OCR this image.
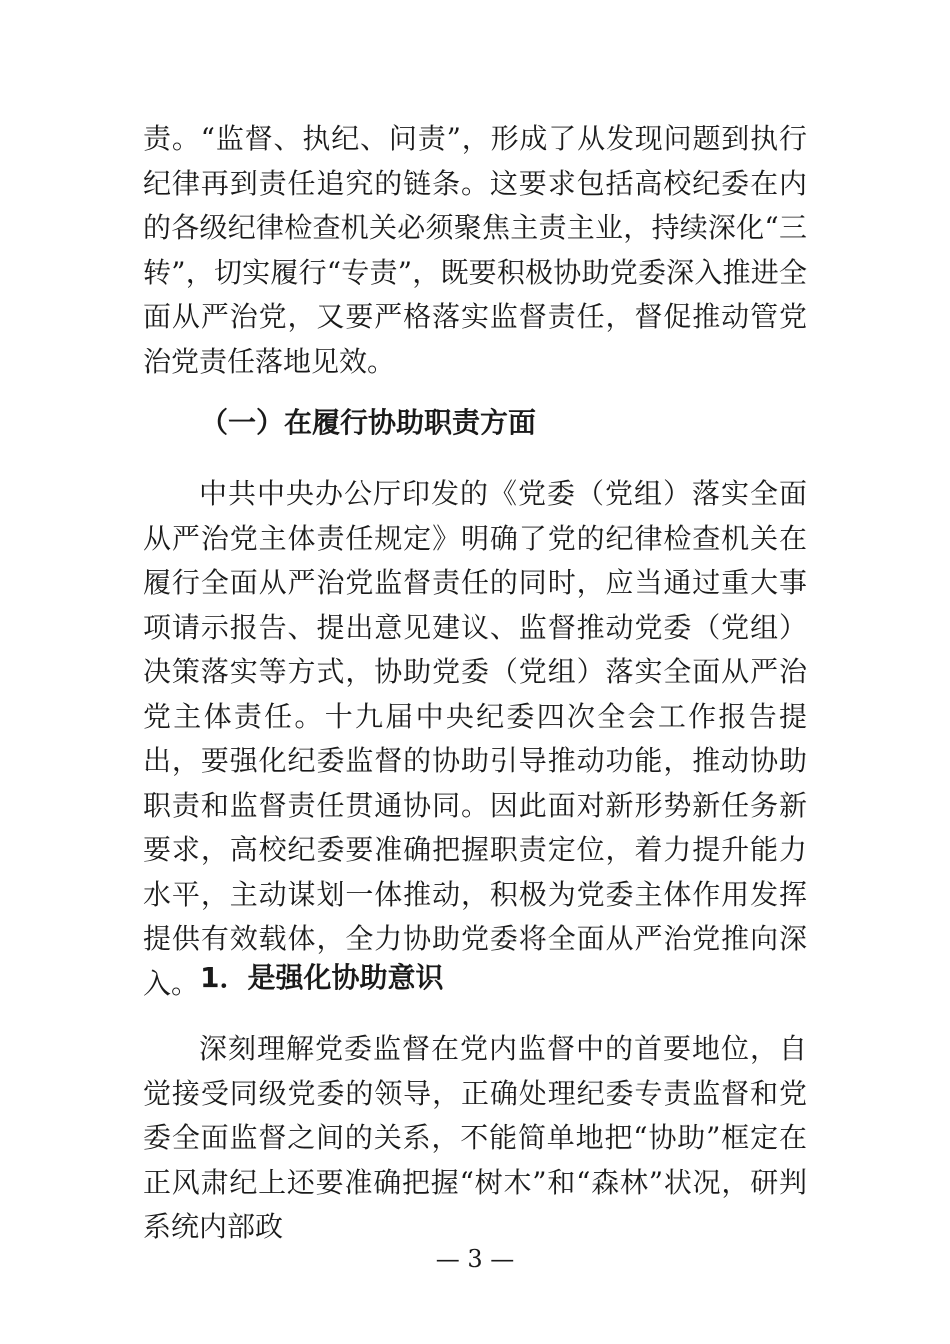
责。“监督、执纪、问责”，形成了从发现问题到执行纪律再到责任追究的链条。这要求包括高校纪委在内的各级纪律检查机关必须聚焦主责主业，持续深化“三转”，切实履行“专责”，既要积极协助党委深入推进全面从严治党，又要严格落实监督责任，督促推动管党治党责任落地见效。

（一）在履行协助职责方面

中共中央办公厅印发的《党委（党组）落实全面从严治党主体责任规定》明确了党的纪律检查机关在履行全面从严治党监督责任的同时，应当通过重大事项请示报告、提出意见建议、监督推动党委（党组）决策落实等方式，协助党委（党组）落实全面从严治党主体责任。十九届中央纪委四次全会工作报告提出，要强化纪委监督的协助引导推动功能，推动协助职责和监督责任贯通协同。因此面对新形势新任务新要求，高校纪委要准确把握职责定位，着力提升能力水平，主动谋划一体推动，积极为党委主体作用发挥提供有效载体，全力协助党委将全面从严治党推向深入。 1．是强化协助意识

深刻理解党委监督在党内监督中的首要地位，自觉接受同级党委的领导，正确处理纪委专责监督和党委全面监督之间的关系，不能简单地把“协助”框定在正风肃纪上还要准确把握“树木”和“森林”状况，研判系统内部政

— 3 —
